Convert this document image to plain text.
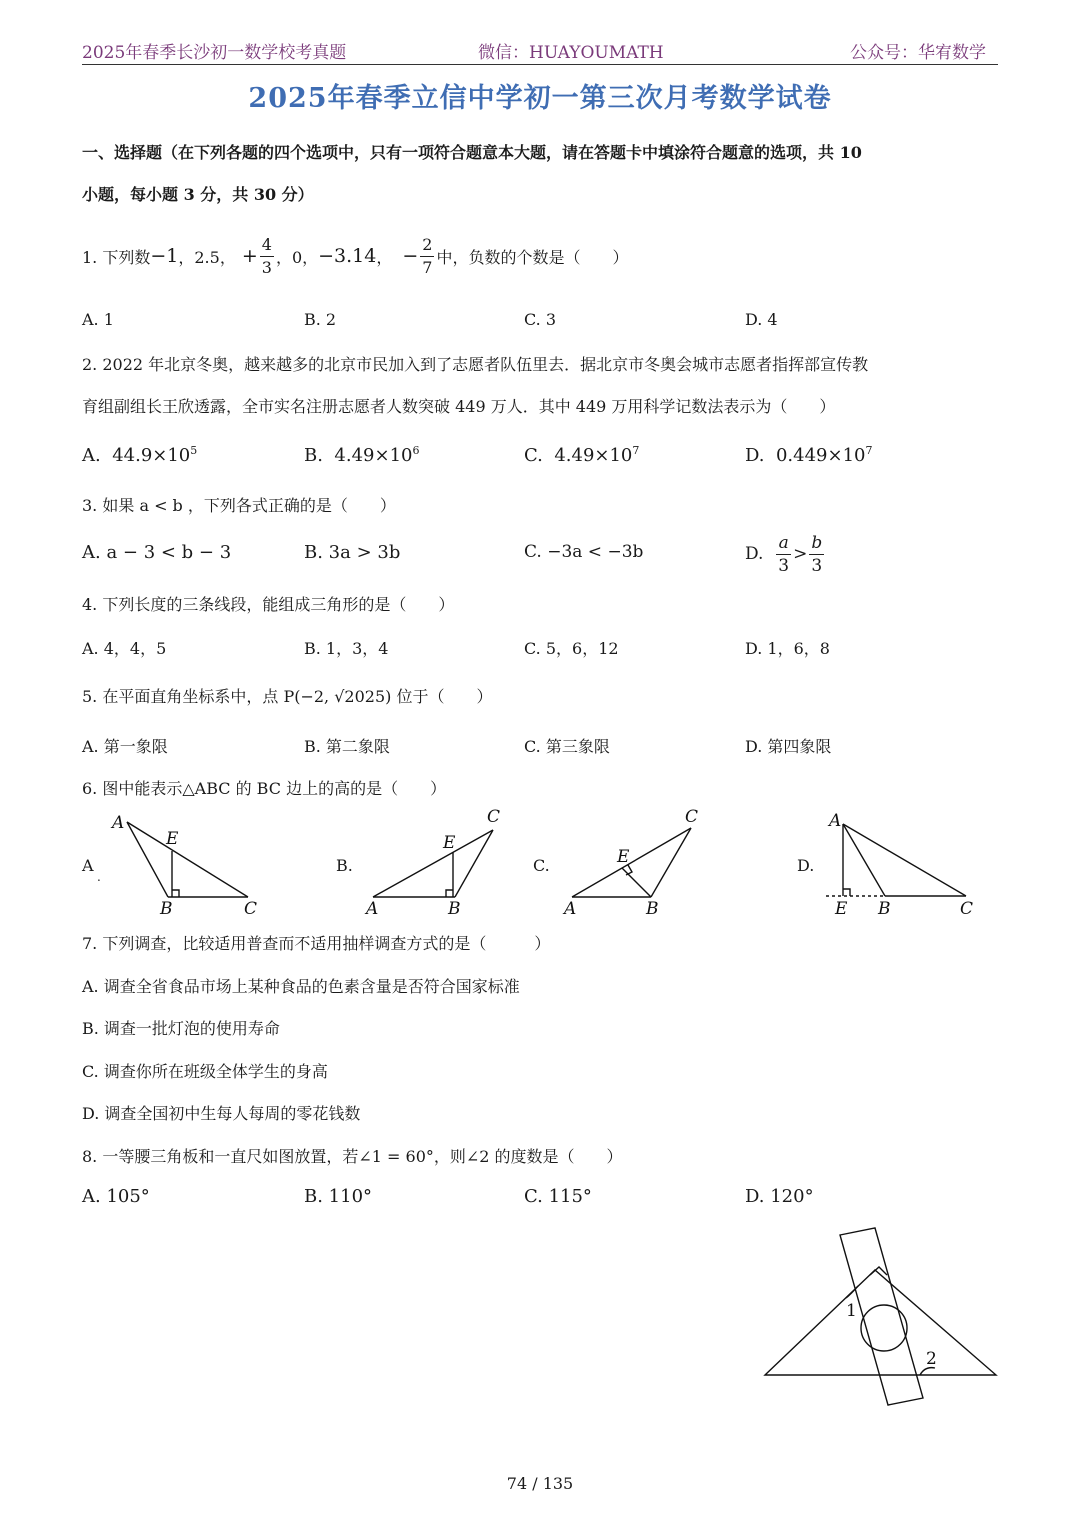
2025年春季长沙初一数学校考真题	微信：HUAYOUMATH	公众号：华宥数学
2025年春季立信中学初一第三次月考数学试卷
一、选择题（在下列各题的四个选项中，只有一项符合题意本大题，请在答题卡中填涂符合题意的选项，共 10
小题，每小题 3 分，共 30 分）
1. 下列数 −1 ，2.5， + $\frac{4}{3}$ ，0， −3.14 ， − $\frac{2}{7}$ 中，负数的个数是（　　）
A. 1	B. 2	C. 3	D. 4
2. 2022 年北京冬奥，越来越多的北京市民加入到了志愿者队伍里去．据北京市冬奥会城市志愿者指挥部宣传教
育组副组长王欣透露，全市实名注册志愿者人数突破 449 万人．其中 449 万用科学记数法表示为（　　）
A. $44.9\times 10^5$	B. $4.49\times 10^6$	C. $4.49\times 10^7$	D. $0.449\times 10^7$
3. 如果 a < b ，下列各式正确的是（　　）
A. a − 3 < b − 3	B. 3a > 3b	C. −3a < −3b	D.
$\frac{a}{3} > \frac{b}{3}$
4. 下列长度的三条线段，能组成三角形的是（　　）
A. 4，4，5	B. 1，3，4	C. 5，6，12	D. 1，6，8
5. 在平面直角坐标系中，点 P(−2, √2025) 位于（　　）
A. 第一象限	B. 第二象限	C. 第三象限	D. 第四象限
6. 图中能表示△ABC 的 BC 边上的高的是（　　）
A
.
B.	C.	D.
A
E
B	C
C
E
A	B
C
E
A	B
A
E B	C
7. 下列调查，比较适用普查而不适用抽样调查方式的是（　　　）
A. 调查全省食品市场上某种食品的色素含量是否符合国家标准
B. 调查一批灯泡的使用寿命
C. 调查你所在班级全体学生的身高
D. 调查全国初中生每人每周的零花钱数
8. 一等腰三角板和一直尺如图放置，若∠1 = 60°，则∠2 的度数是（　　）
A. 105°	B. 110°	C. 115°	D. 120°
1
2
74 / 135
